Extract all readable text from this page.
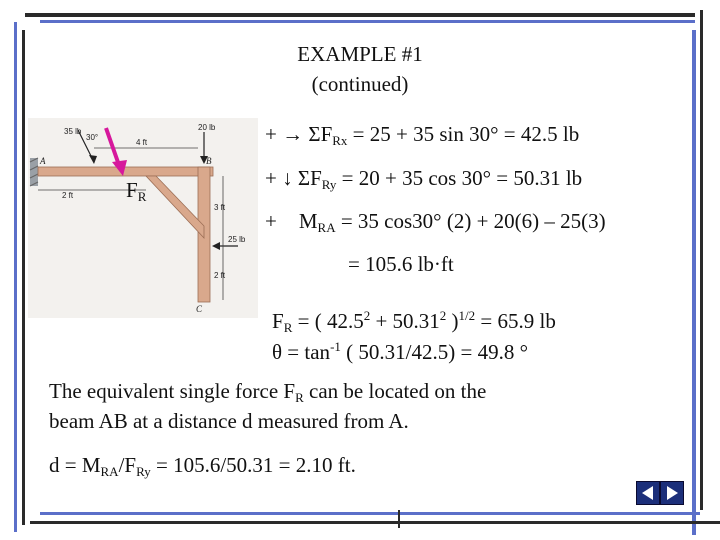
EXAMPLE #1
(continued)
35 lb
30°
20 lb
4 ft
2 ft
3 ft
25 lb
2 ft
A	B
C
$F_R$
+ → $\Sigma F_{Rx} = 25 + 35$ sin 30° = 42.5 lb
+ ↓ $\Sigma F_{Ry} = 20 + 35$ cos 30° = 50.31 lb
+ $M_{RA} = 35$ cos30° (2) + 20(6) – 25(3)
= 105.6 lb·ft
$F_R$ = ( $42.5^2 + 50.31^2$ )$^{1/2}$ = 65.9 lb
$\theta = \tan^{-1}$ ( 50.31/42.5) = 49.8 °
The equivalent single force $F_R$ can be located on the
beam AB at a distance d measured from A.
$d = M_{RA}/F_{Ry} = 105.6/50.31 = 2.10$ ft.
